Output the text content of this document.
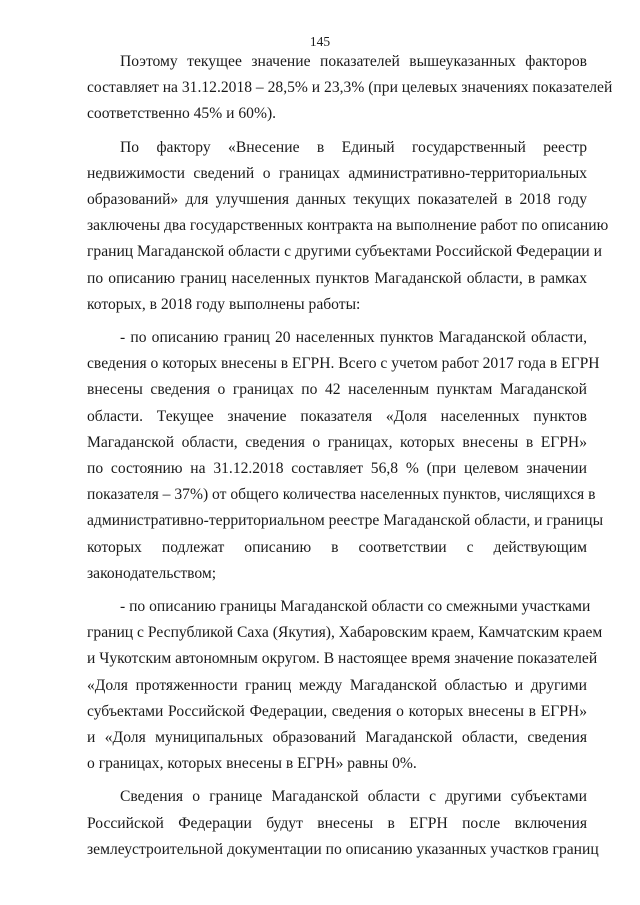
145
Поэтому текущее значение показателей вышеуказанных факторов
составляет на 31.12.2018 – 28,5% и 23,3% (при целевых значениях показателей
соответственно 45% и 60%).
По фактору «Внесение в Единый государственный реестр
недвижимости сведений о границах административно-территориальных
образований» для улучшения данных текущих показателей в 2018 году
заключены два государственных контракта на выполнение работ по описанию
границ Магаданской области с другими субъектами Российской Федерации и
по описанию границ населенных пунктов Магаданской области, в рамках
которых, в 2018 году выполнены работы:
- по описанию границ 20 населенных пунктов Магаданской области,
сведения о которых внесены в ЕГРН. Всего с учетом работ 2017 года в ЕГРН
внесены сведения о границах по 42 населенным пунктам Магаданской
области. Текущее значение показателя «Доля населенных пунктов
Магаданской области, сведения о границах, которых внесены в ЕГРН»
по состоянию на 31.12.2018 составляет 56,8 % (при целевом значении
показателя – 37%) от общего количества населенных пунктов, числящихся в
административно-территориальном реестре Магаданской области, и границы
которых подлежат описанию в соответствии с действующим
законодательством;
- по описанию границы Магаданской области со смежными участками
границ с Республикой Саха (Якутия), Хабаровским краем, Камчатским краем
и Чукотским автономным округом. В настоящее время значение показателей
«Доля протяженности границ между Магаданской областью и другими
субъектами Российской Федерации, сведения о которых внесены в ЕГРН»
и «Доля муниципальных образований Магаданской области, сведения
о границах, которых внесены в ЕГРН» равны 0%.
Сведения о границе Магаданской области с другими субъектами
Российской Федерации будут внесены в ЕГРН после включения
землеустроительной документации по описанию указанных участков границ
